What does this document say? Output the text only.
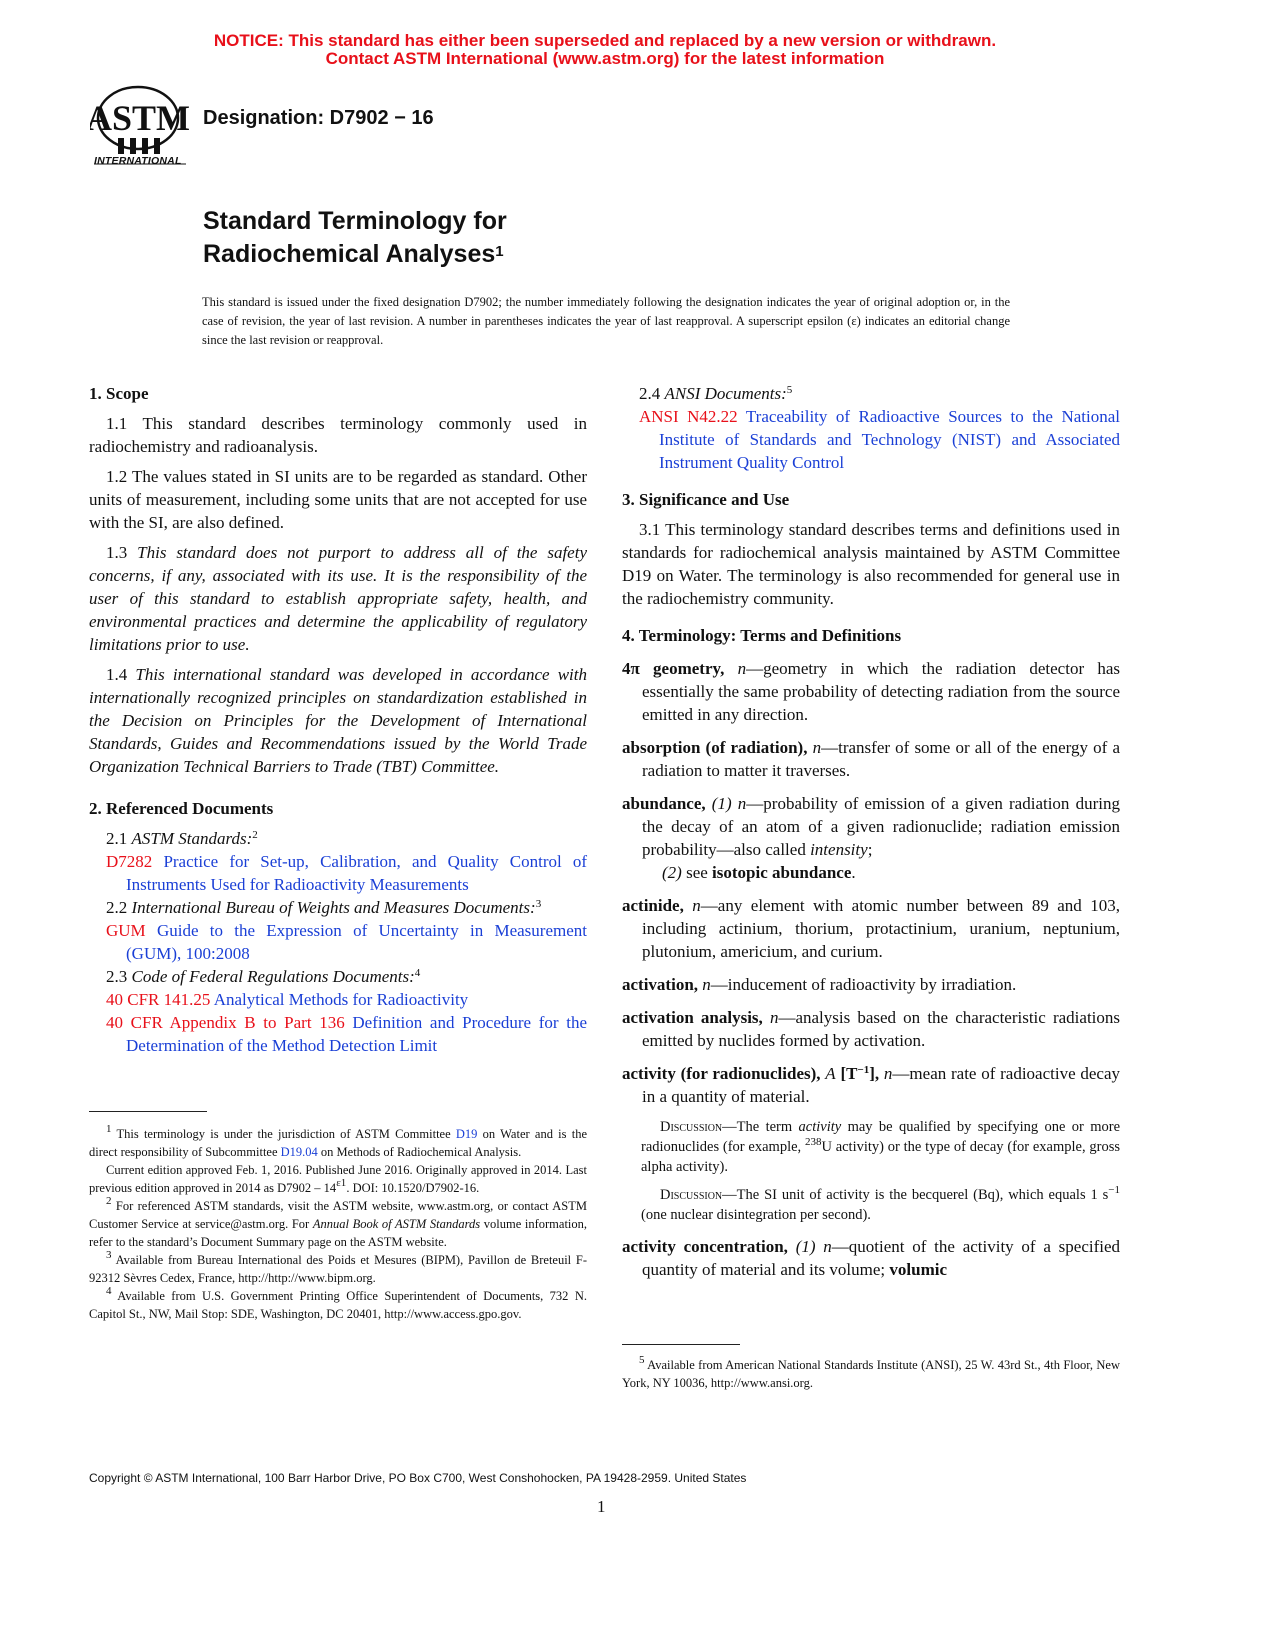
NOTICE: This standard has either been superseded and replaced by a new version or withdrawn.
Contact ASTM International (www.astm.org) for the latest information
ASTM
INTERNATIONAL
Designation: D7902 − 16
Standard Terminology for
Radiochemical Analyses$^1$
This standard is issued under the fixed designation D7902; the number immediately following the designation indicates the year of original adoption or, in the case of revision, the year of last revision. A number in parentheses indicates the year of last reapproval. A superscript epsilon (ε) indicates an editorial change since the last revision or reapproval.
1. Scope
1.1 This standard describes terminology commonly used in radiochemistry and radioanalysis.
1.2 The values stated in SI units are to be regarded as standard. Other units of measurement, including some units that are not accepted for use with the SI, are also defined.
1.3 This standard does not purport to address all of the safety concerns, if any, associated with its use. It is the responsibility of the user of this standard to establish appropriate safety, health, and environmental practices and determine the applicability of regulatory limitations prior to use.
1.4 This international standard was developed in accordance with internationally recognized principles on standardization established in the Decision on Principles for the Development of International Standards, Guides and Recommendations issued by the World Trade Organization Technical Barriers to Trade (TBT) Committee.
2. Referenced Documents
2.1 ASTM Standards:$^2$
D7282 Practice for Set-up, Calibration, and Quality Control of Instruments Used for Radioactivity Measurements
2.2 International Bureau of Weights and Measures Documents:$^3$
GUM Guide to the Expression of Uncertainty in Measurement (GUM), 100:2008
2.3 Code of Federal Regulations Documents:$^4$
40 CFR 141.25 Analytical Methods for Radioactivity
40 CFR Appendix B to Part 136 Definition and Procedure for the Determination of the Method Detection Limit

$^1$ This terminology is under the jurisdiction of ASTM Committee D19 on Water and is the direct responsibility of Subcommittee D19.04 on Methods of Radiochemical Analysis.

Current edition approved Feb. 1, 2016. Published June 2016. Originally approved in 2014. Last previous edition approved in 2014 as $D7902 - 14^{\varepsilon 1}$. DOI: 10.1520/D7902-16.

$^2$ For referenced ASTM standards, visit the ASTM website, www.astm.org, or contact ASTM Customer Service at service@astm.org. For Annual Book of ASTM Standards volume information, refer to the standard’s Document Summary page on the ASTM website.

$^3$ Available from Bureau International des Poids et Mesures (BIPM), Pavillon de Breteuil F-92312 Sèvres Cedex, France, http://http://www.bipm.org.

$^4$ Available from U.S. Government Printing Office Superintendent of Documents, 732 N. Capitol St., NW, Mail Stop: SDE, Washington, DC 20401, http://www.access.gpo.gov.

2.4 ANSI Documents:$^5$
ANSI N42.22 Traceability of Radioactive Sources to the National Institute of Standards and Technology (NIST) and Associated Instrument Quality Control
3. Significance and Use
3.1 This terminology standard describes terms and definitions used in standards for radiochemical analysis maintained by ASTM Committee D19 on Water. The terminology is also recommended for general use in the radiochemistry community.
4. Terminology: Terms and Definitions
4π geometry, n—geometry in which the radiation detector has essentially the same probability of detecting radiation from the source emitted in any direction.
absorption (of radiation), n—transfer of some or all of the energy of a radiation to matter it traverses.
abundance, (1) n—probability of emission of a given radiation during the decay of an atom of a given radionuclide; radiation emission probability—also called intensity;
(2) see isotopic abundance.
actinide, n—any element with atomic number between 89 and 103, including actinium, thorium, protactinium, uranium, neptunium, plutonium, americium, and curium.
activation, n—inducement of radioactivity by irradiation.
activation analysis, n—analysis based on the characteristic radiations emitted by nuclides formed by activation.
activity (for radionuclides), A $[T^{-1}]$, n—mean rate of radioactive decay in a quantity of material.
Discussion—The term activity may be qualified by specifying one or more radionuclides (for example, $^{238}$U activity) or the type of decay (for example, gross alpha activity).
Discussion—The SI unit of activity is the becquerel (Bq), which equals 1 $s^{-1}$ (one nuclear disintegration per second).
activity concentration, (1) n—quotient of the activity of a specified quantity of material and its volume; volumic

$^5$ Available from American National Standards Institute (ANSI), 25 W. 43rd St., 4th Floor, New York, NY 10036, http://www.ansi.org.

Copyright © ASTM International, 100 Barr Harbor Drive, PO Box C700, West Conshohocken, PA 19428-2959. United States
1
